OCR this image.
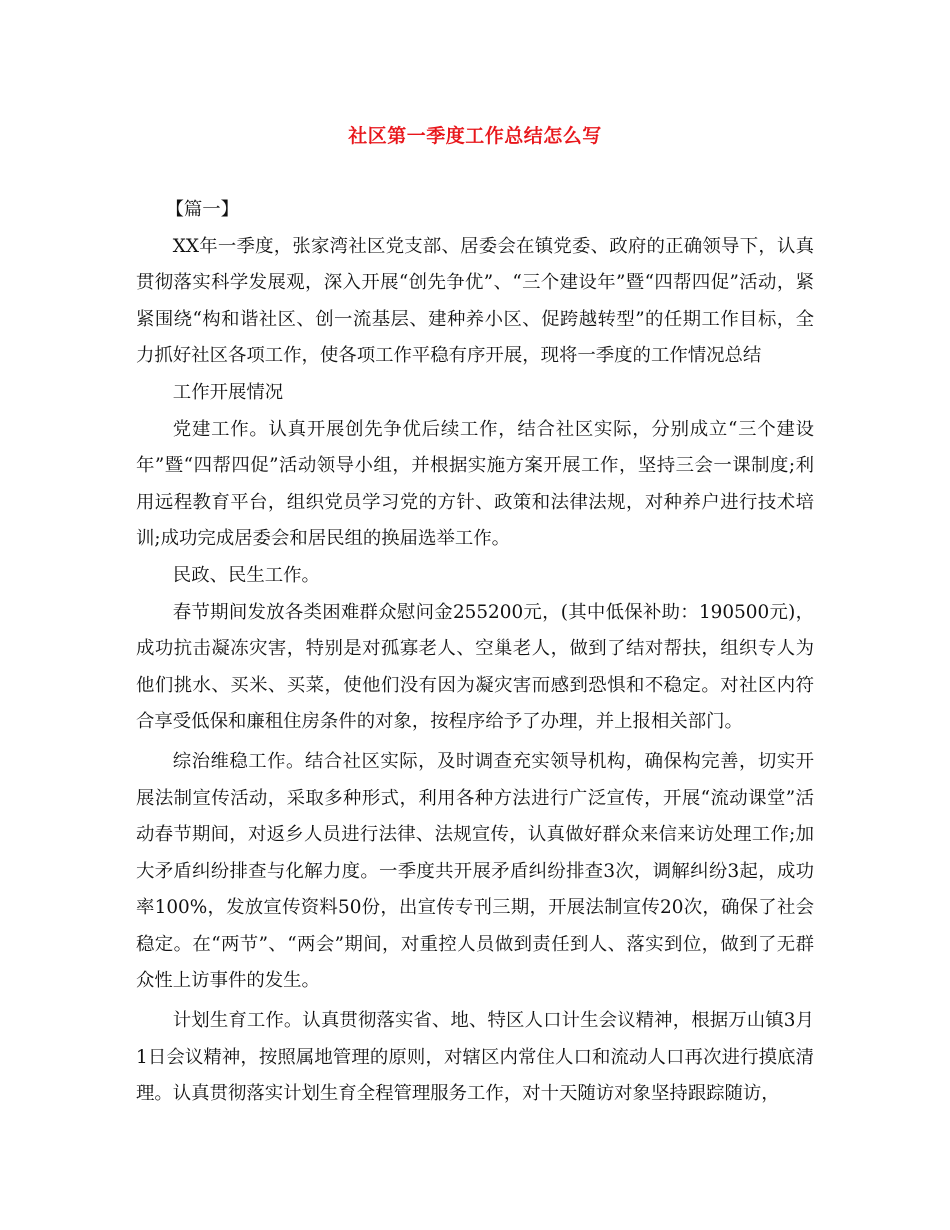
社区第一季度工作总结怎么写

【篇一】

XX年一季度，张家湾社区党支部、居委会在镇党委、政府的正确领导下，认真贯彻落实科学发展观，深入开展“创先争优”、“三个建设年”暨“四帮四促”活动，紧紧围绕“构和谐社区、创一流基层、建种养小区、促跨越转型”的任期工作目标，全力抓好社区各项工作，使各项工作平稳有序开展，现将一季度的工作情况总结

工作开展情况

党建工作。认真开展创先争优后续工作，结合社区实际，分别成立“三个建设年”暨“四帮四促”活动领导小组，并根据实施方案开展工作，坚持三会一课制度;利用远程教育平台，组织党员学习党的方针、政策和法律法规，对种养户进行技术培训;成功完成居委会和居民组的换届选举工作。

民政、民生工作。

春节期间发放各类困难群众慰问金255200元，(其中低保补助：190500元)，成功抗击凝冻灾害，特别是对孤寡老人、空巢老人，做到了结对帮扶，组织专人为他们挑水、买米、买菜，使他们没有因为凝灾害而感到恐惧和不稳定。对社区内符合享受低保和廉租住房条件的对象，按程序给予了办理，并上报相关部门。

综治维稳工作。结合社区实际，及时调查充实领导机构，确保构完善，切实开展法制宣传活动，采取多种形式，利用各种方法进行广泛宣传，开展“流动课堂”活动春节期间，对返乡人员进行法律、法规宣传，认真做好群众来信来访处理工作;加大矛盾纠纷排查与化解力度。一季度共开展矛盾纠纷排查3次，调解纠纷3起，成功率100%，发放宣传资料50份，出宣传专刊三期，开展法制宣传20次，确保了社会稳定。在“两节”、“两会”期间，对重控人员做到责任到人、落实到位，做到了无群众性上访事件的发生。

计划生育工作。认真贯彻落实省、地、特区人口计生会议精神，根据万山镇3月1日会议精神，按照属地管理的原则，对辖区内常住人口和流动人口再次进行摸底清理。认真贯彻落实计划生育全程管理服务工作，对十天随访对象坚持跟踪随访，
